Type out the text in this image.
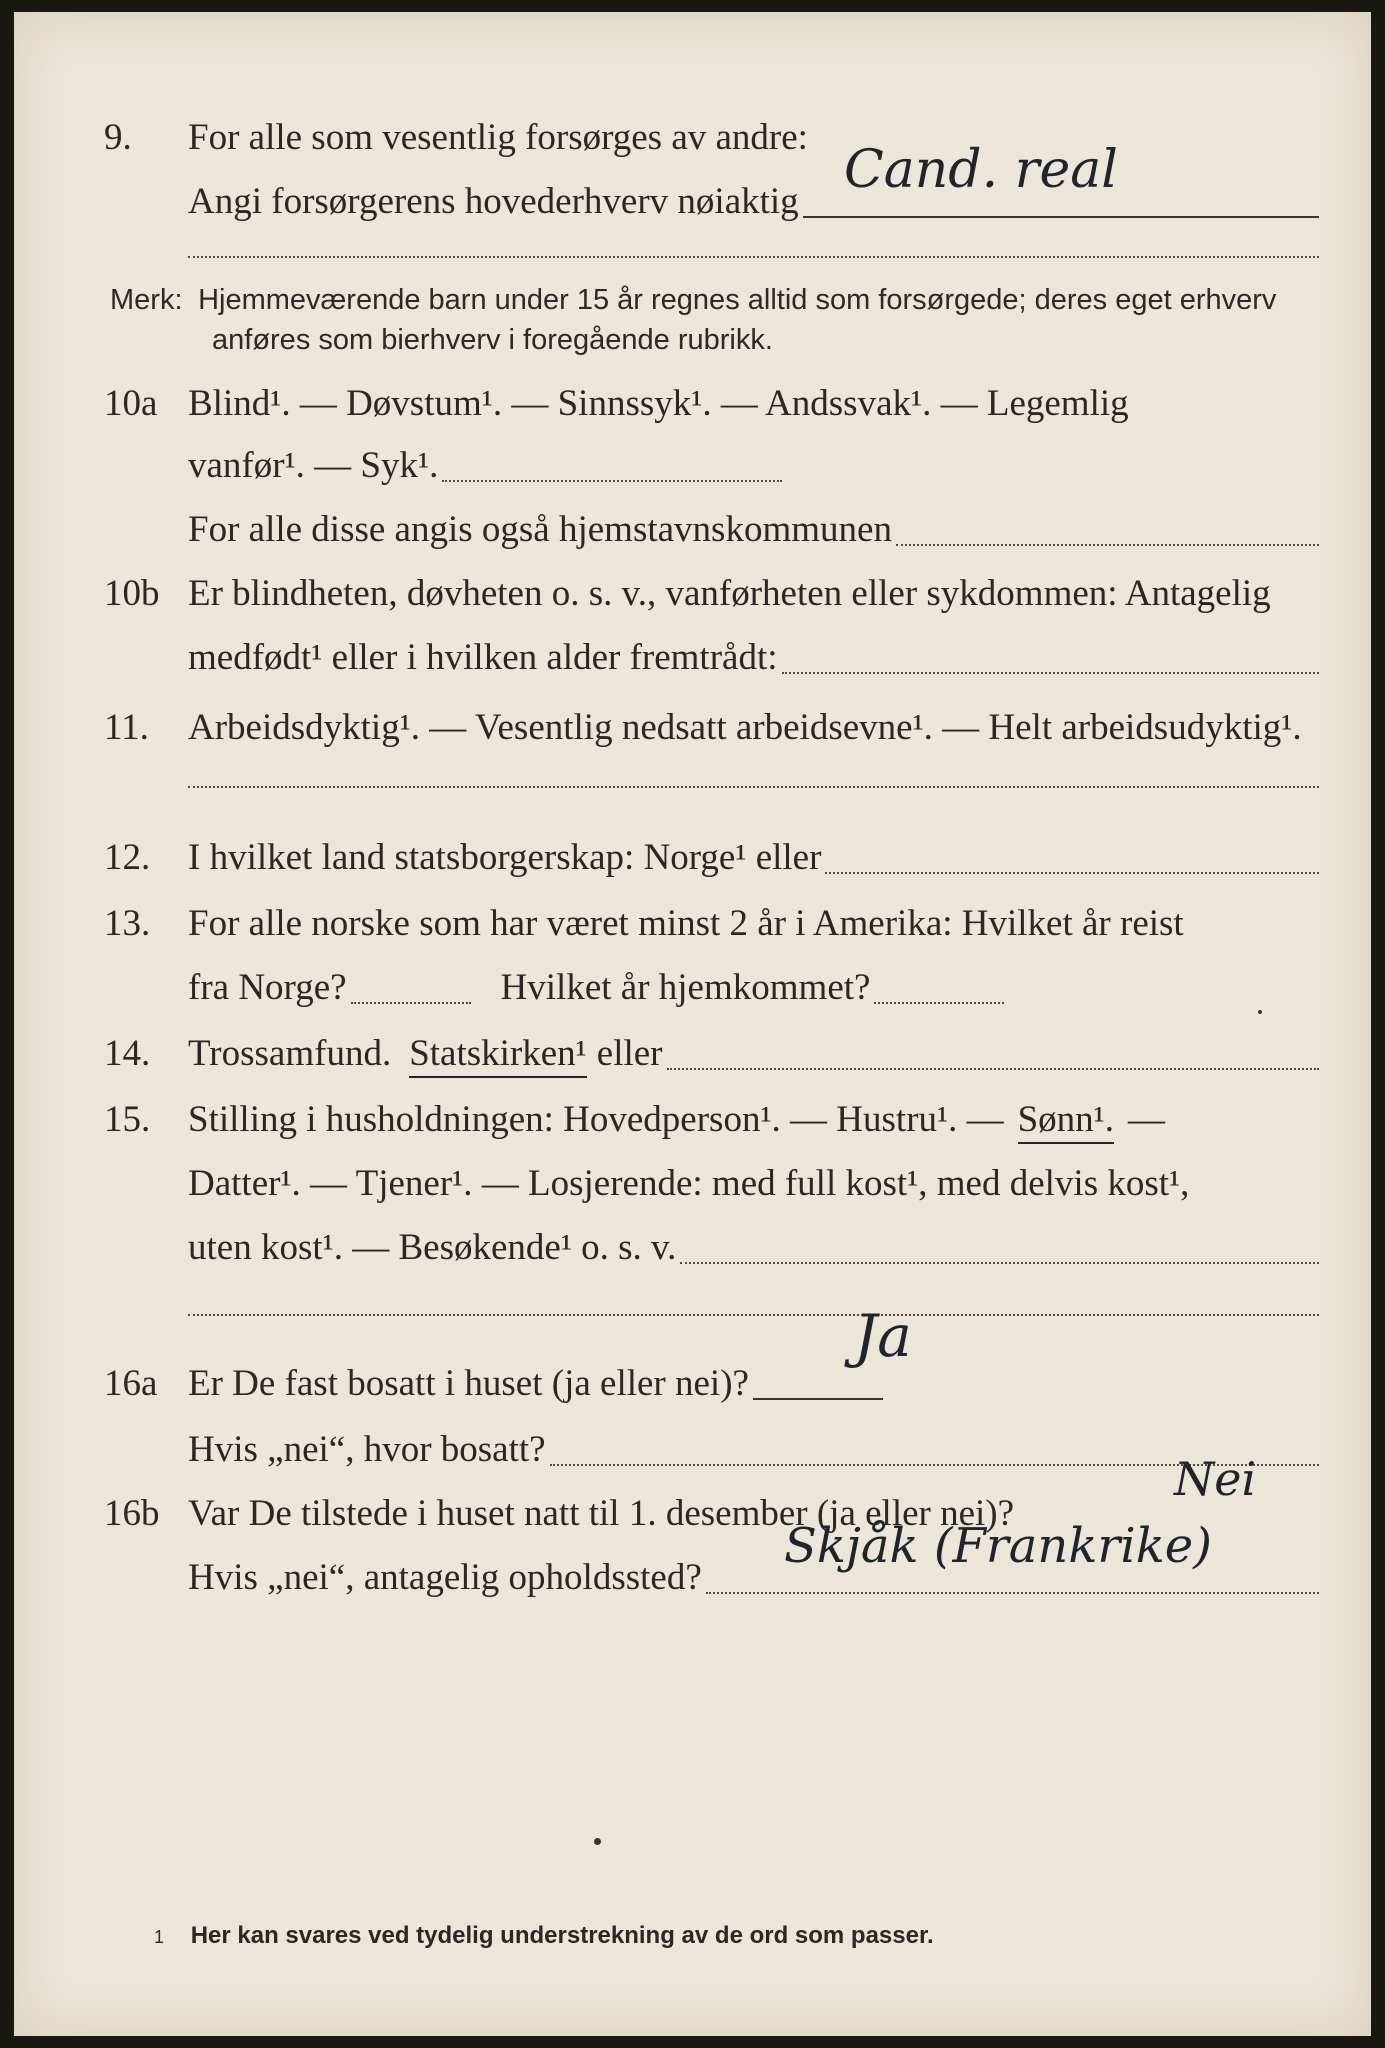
9. For alle som vesentlig forsørges av andre:
Angi forsørgerens hovederhverv nøiaktig
Cand. real
Merk: Hjemmeværende barn under 15 år regnes alltid som forsørgede; deres eget erhverv
anføres som bierhverv i foregående rubrikk.
10a Blind¹. — Døvstum¹. — Sinnssyk¹. — Andssvak¹. — Legemlig
vanfør¹. — Syk¹.
For alle disse angis også hjemstavnskommunen
10b Er blindheten, døvheten o. s. v., vanførheten eller sykdommen: Antagelig
medfødt¹ eller i hvilken alder fremtrådt:
11. Arbeidsdyktig¹. — Vesentlig nedsatt arbeidsevne¹. — Helt arbeidsudyktig¹.
12. I hvilket land statsborgerskap: Norge¹ eller
13. For alle norske som har været minst 2 år i Amerika: Hvilket år reist
fra Norge?	Hvilket år hjemkommet?
14. Trossamfund. Statskirken¹ eller
15. Stilling i husholdningen: Hovedperson¹. — Hustru¹. — Sønn¹. —
Datter¹. — Tjener¹. — Losjerende: med full kost¹, med delvis kost¹,
uten kost¹. — Besøkende¹ o. s. v.
16a Er De fast bosatt i huset (ja eller nei)?
Ja
Hvis „nei“, hvor bosatt?
16b Var De tilstede i huset natt til 1. desember (ja eller nei)?
Nei
Hvis „nei“, antagelig opholdssted?
Skjåk (Frankrike)
1 Her kan svares ved tydelig understrekning av de ord som passer.
